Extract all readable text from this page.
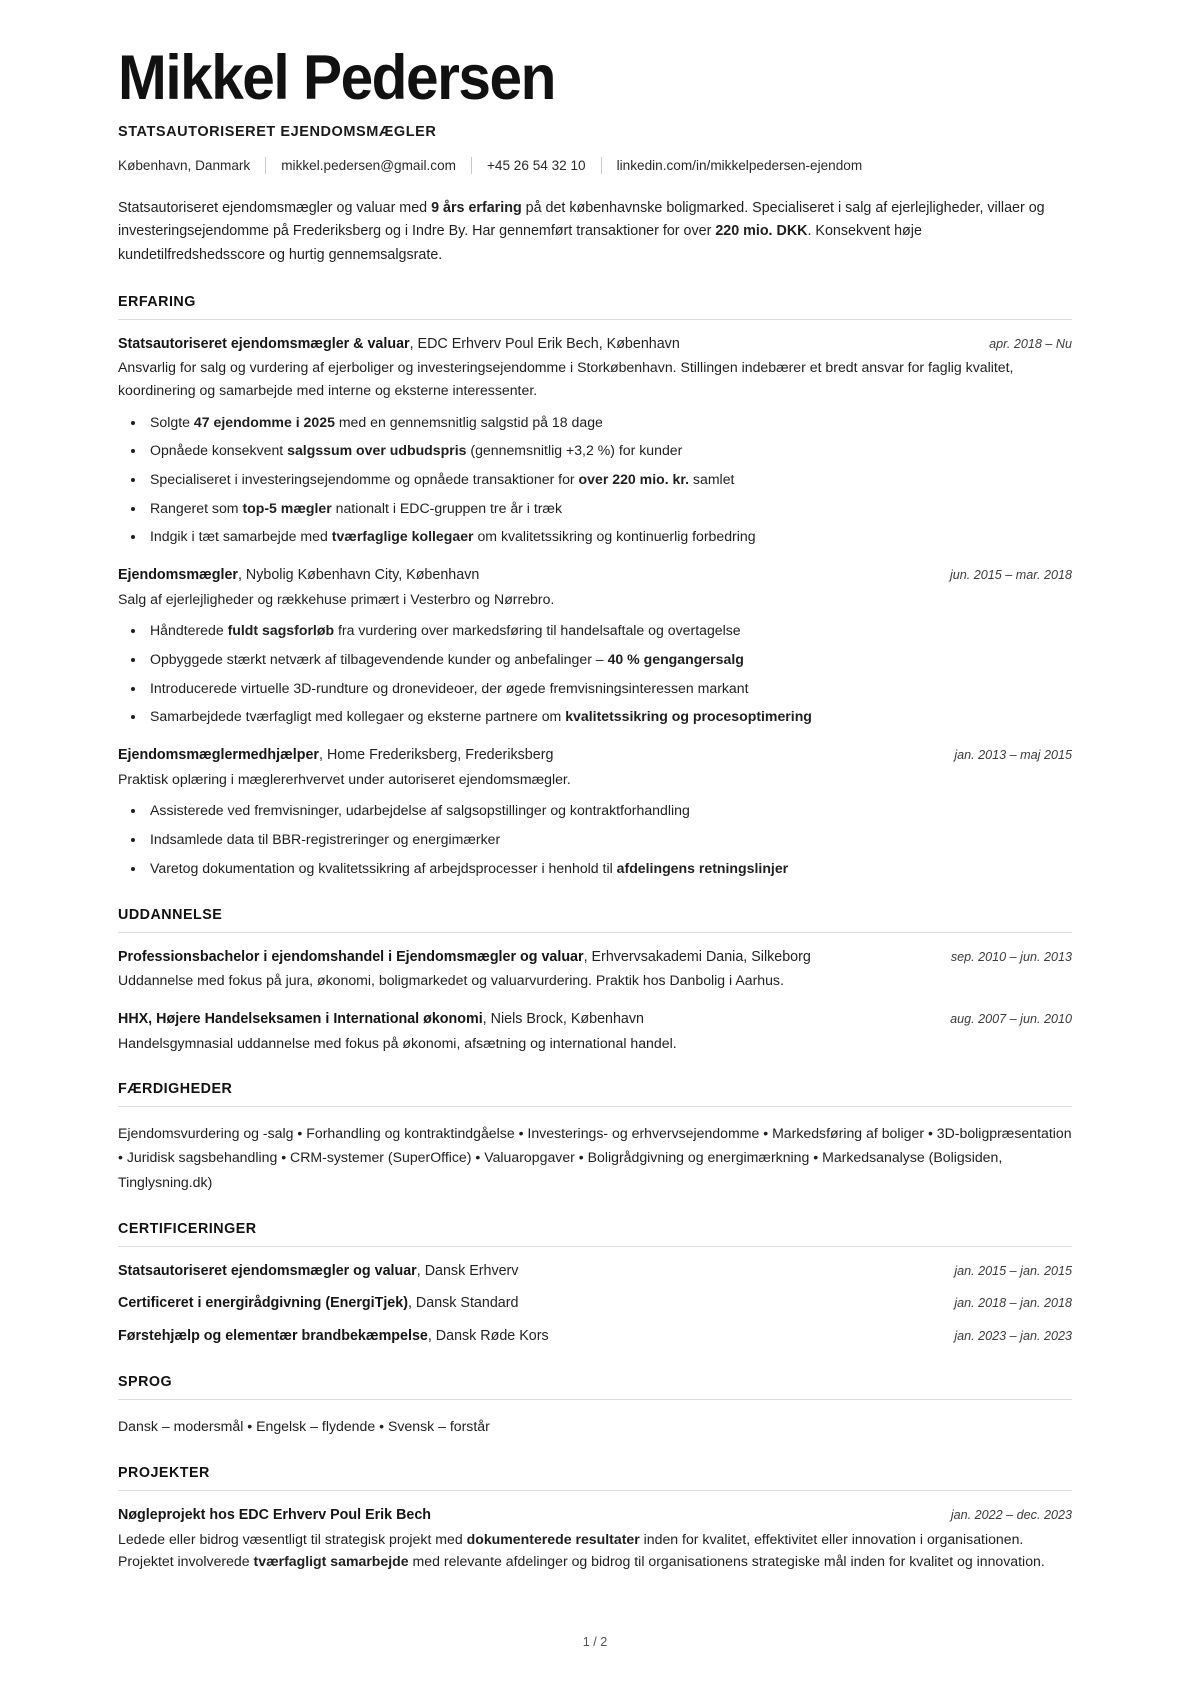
Mikkel Pedersen
STATSAUTORISERET EJENDOMSMÆGLER
København, Danmark mikkel.pedersen@gmail.com +45 26 54 32 10 linkedin.com/in/mikkelpedersen-ejendom

Statsautoriseret ejendomsmægler og valuar med 9 års erfaring på det københavnske boligmarked. Specialiseret i salg af ejerlejligheder, villaer og investeringsejendomme på Frederiksberg og i Indre By. Har gennemført transaktioner for over 220 mio. DKK. Konsekvent høje kundetilfredshedsscore og hurtig gennemsalgsrate.

ERFARING
Statsautoriseret ejendomsmægler & valuar, EDC Erhverv Poul Erik Bech, København	apr. 2018 – Nu
Ansvarlig for salg og vurdering af ejerboliger og investeringsejendomme i Storkøbenhavn. Stillingen indebærer et bredt ansvar for faglig kvalitet, koordinering og samarbejde med interne og eksterne interessenter.
Solgte 47 ejendomme i 2025 med en gennemsnitlig salgstid på 18 dage
Opnåede konsekvent salgssum over udbudspris (gennemsnitlig +3,2 %) for kunder
Specialiseret i investeringsejendomme og opnåede transaktioner for over 220 mio. kr. samlet
Rangeret som top-5 mægler nationalt i EDC-gruppen tre år i træk
Indgik i tæt samarbejde med tværfaglige kollegaer om kvalitetssikring og kontinuerlig forbedring
Ejendomsmægler, Nybolig København City, København	jun. 2015 – mar. 2018
Salg af ejerlejligheder og rækkehuse primært i Vesterbro og Nørrebro.
Håndterede fuldt sagsforløb fra vurdering over markedsføring til handelsaftale og overtagelse
Opbyggede stærkt netværk af tilbagevendende kunder og anbefalinger – 40 % gengangersalg
Introducerede virtuelle 3D-rundture og dronevideoer, der øgede fremvisningsinteressen markant
Samarbejdede tværfagligt med kollegaer og eksterne partnere om kvalitetssikring og procesoptimering
Ejendomsmæglermedhjælper, Home Frederiksberg, Frederiksberg	jan. 2013 – maj 2015
Praktisk oplæring i mæglererhvervet under autoriseret ejendomsmægler.
Assisterede ved fremvisninger, udarbejdelse af salgsopstillinger og kontraktforhandling
Indsamlede data til BBR-registreringer og energimærker
Varetog dokumentation og kvalitetssikring af arbejdsprocesser i henhold til afdelingens retningslinjer
UDDANNELSE
Professionsbachelor i ejendomshandel i Ejendomsmægler og valuar, Erhvervsakademi Dania, Silkeborg	sep. 2010 – jun. 2013
Uddannelse med fokus på jura, økonomi, boligmarkedet og valuarvurdering. Praktik hos Danbolig i Aarhus.
HHX, Højere Handelseksamen i International økonomi, Niels Brock, København	aug. 2007 – jun. 2010
Handelsgymnasial uddannelse med fokus på økonomi, afsætning og international handel.
FÆRDIGHEDER
Ejendomsvurdering og -salg • Forhandling og kontraktindgåelse • Investerings- og erhvervsejendomme • Markedsføring af boliger • 3D-boligpræsentation • Juridisk sagsbehandling • CRM-systemer (SuperOffice) • Valuaropgaver • Boligrådgivning og energimærkning • Markedsanalyse (Boligsiden, Tinglysning.dk)
CERTIFICERINGER
Statsautoriseret ejendomsmægler og valuar, Dansk Erhverv	jan. 2015 – jan. 2015
Certificeret i energirådgivning (EnergiTjek), Dansk Standard	jan. 2018 – jan. 2018
Førstehjælp og elementær brandbekæmpelse, Dansk Røde Kors	jan. 2023 – jan. 2023
SPROG
Dansk – modersmål • Engelsk – flydende • Svensk – forstår
PROJEKTER
Nøgleprojekt hos EDC Erhverv Poul Erik Bech	jan. 2022 – dec. 2023
Ledede eller bidrog væsentligt til strategisk projekt med dokumenterede resultater inden for kvalitet, effektivitet eller innovation i organisationen. Projektet involverede tværfagligt samarbejde med relevante afdelinger og bidrog til organisationens strategiske mål inden for kvalitet og innovation.
1 / 2
